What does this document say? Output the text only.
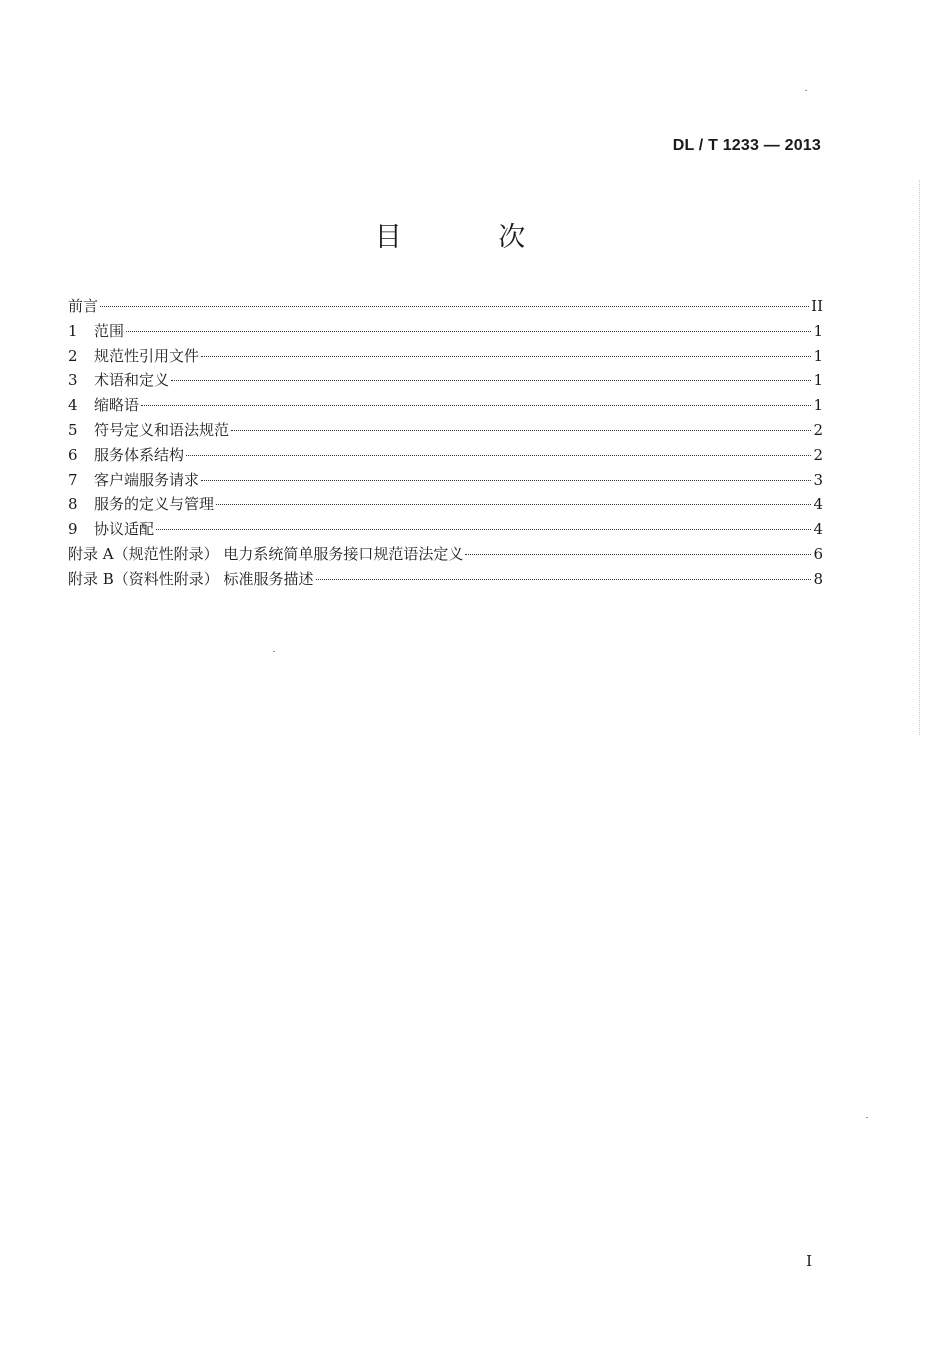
DL / T 1233 — 2013
目 次
前言	II
1	范围	1
2	规范性引用文件	1
3	术语和定义	1
4	缩略语	1
5	符号定义和语法规范	2
6	服务体系结构	2
7	客户端服务请求	3
8	服务的定义与管理	4
9	协议适配	4
附录 A（规范性附录） 电力系统简单服务接口规范语法定义	6
附录 B（资料性附录） 标准服务描述	8
I
